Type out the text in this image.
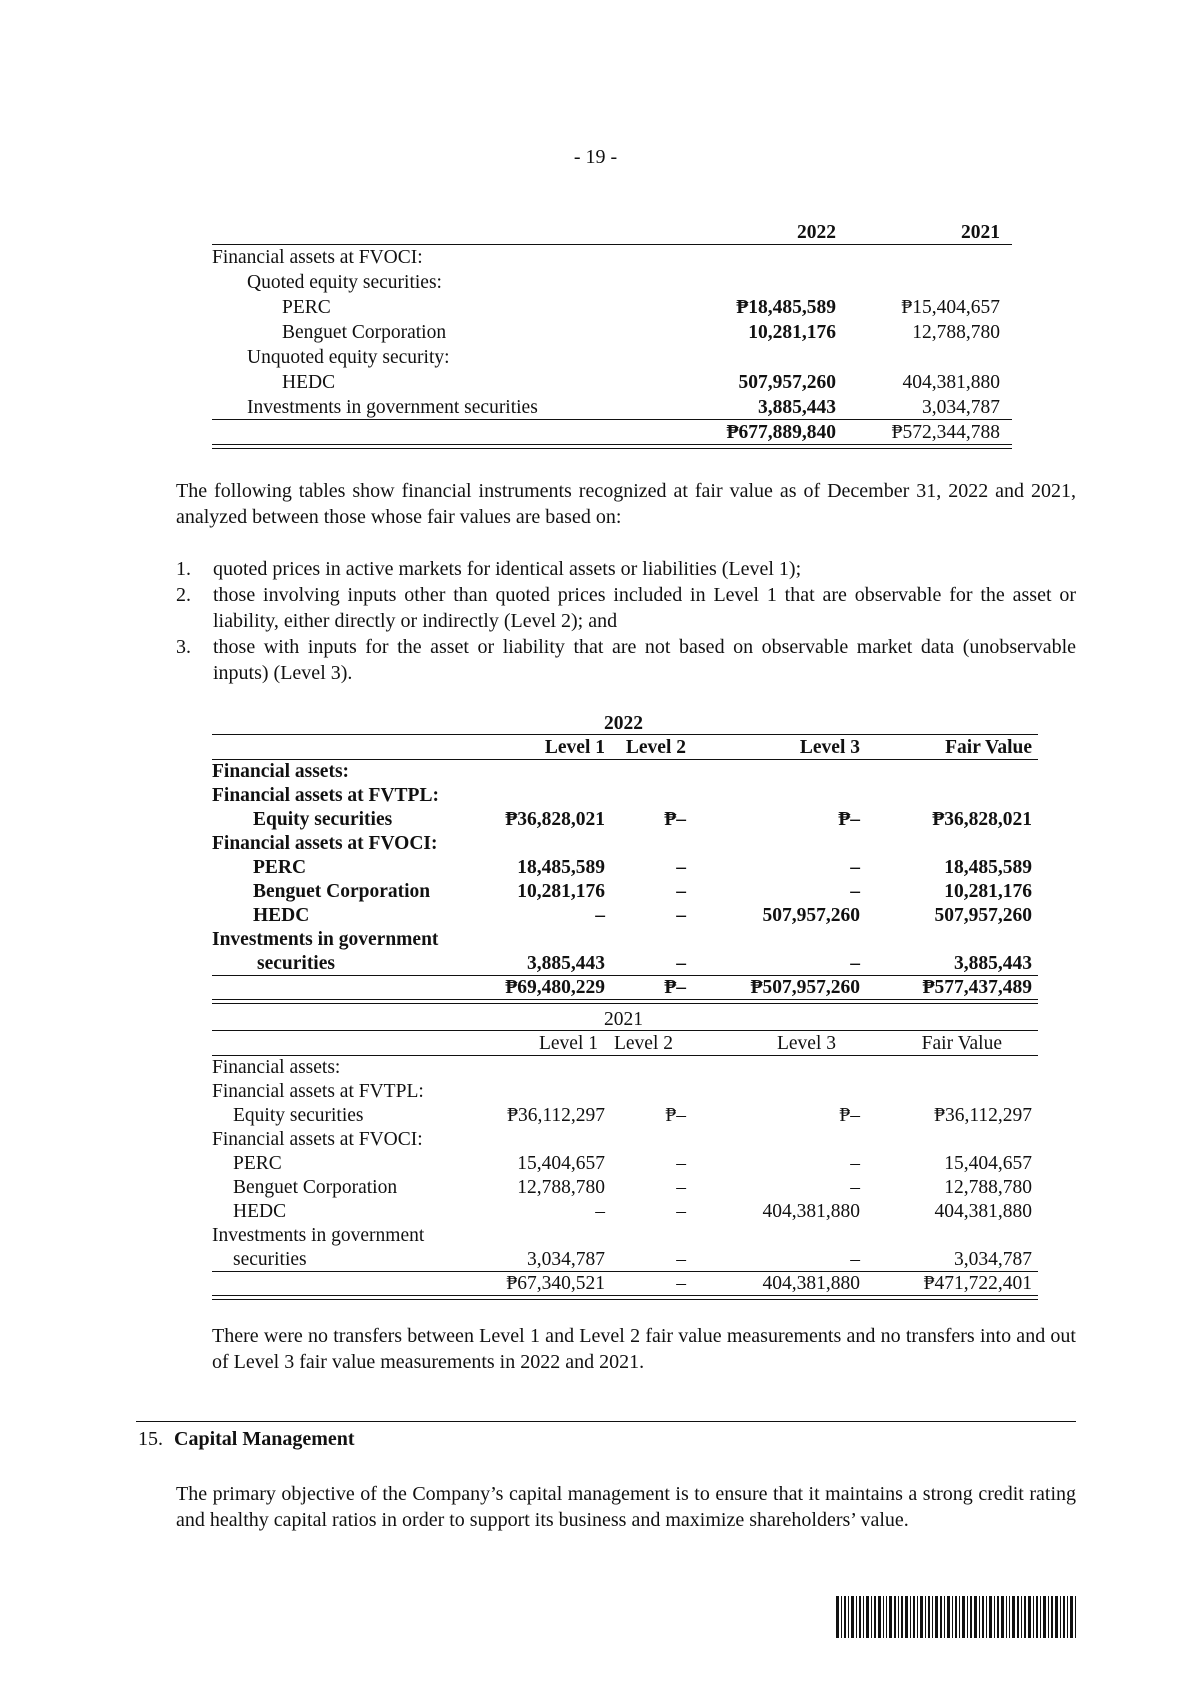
- 19 -
2022	2021
Financial assets at FVOCI:
Quoted equity securities:
PERC	₱18,485,589	₱15,404,657
Benguet Corporation	10,281,176	12,788,780
Unquoted equity security:
HEDC	507,957,260	404,381,880
Investments in government securities	3,885,443	3,034,787
₱677,889,840	₱572,344,788
The following tables show financial instruments recognized at fair value as of December 31, 2022 and 2021, analyzed between those whose fair values are based on:
1. quoted prices in active markets for identical assets or liabilities (Level 1);
2. those involving inputs other than quoted prices included in Level 1 that are observable for the asset or liability, either directly or indirectly (Level 2); and
3. those with inputs for the asset or liability that are not based on observable market data (unobservable inputs) (Level 3).
2022
Level 1 Level 2	Level 3	Fair Value
Financial assets:
Financial assets at FVTPL:
Equity securities	₱36,828,021	₱–	₱–	₱36,828,021
Financial assets at FVOCI:
PERC	18,485,589	–	–	18,485,589
Benguet Corporation	10,281,176	–	–	10,281,176
HEDC	–	–	507,957,260	507,957,260
Investments in government
securities	3,885,443	–	–	3,885,443
₱69,480,229	₱–	₱507,957,260	₱577,437,489
2021
Level 1 Level 2	Level 3	Fair Value
Financial assets:
Financial assets at FVTPL:
Equity securities	₱36,112,297	₱–	₱–	₱36,112,297
Financial assets at FVOCI:
PERC	15,404,657	–	–	15,404,657
Benguet Corporation	12,788,780	–	–	12,788,780
HEDC	–	–	404,381,880	404,381,880
Investments in government
securities	3,034,787	–	–	3,034,787
₱67,340,521	–	404,381,880	₱471,722,401
There were no transfers between Level 1 and Level 2 fair value measurements and no transfers into and out of Level 3 fair value measurements in 2022 and 2021.
15. Capital Management
The primary objective of the Company’s capital management is to ensure that it maintains a strong credit rating and healthy capital ratios in order to support its business and maximize shareholders’ value.
